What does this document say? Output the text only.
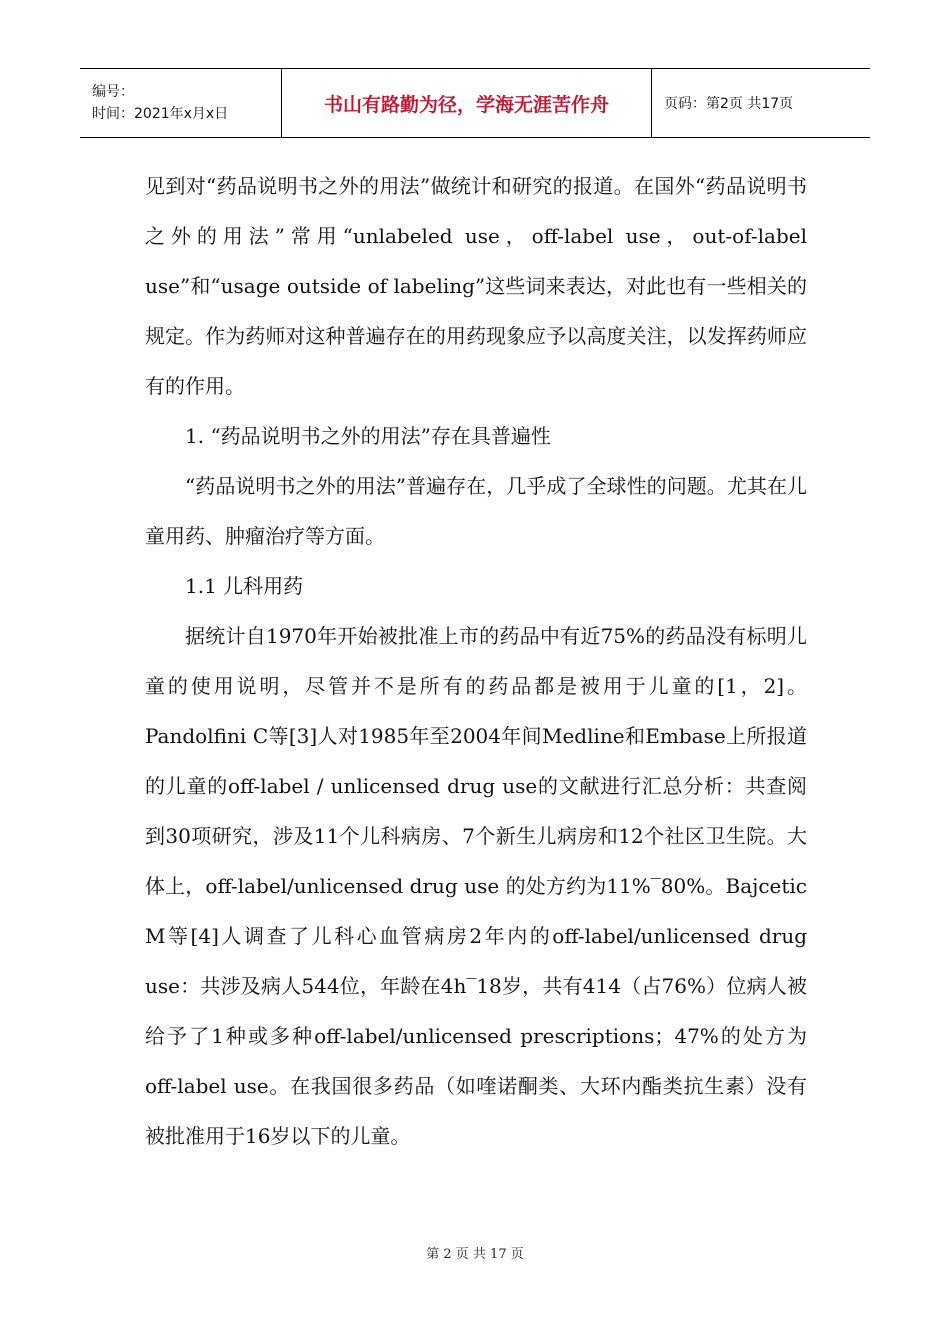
编号：
时间：2021年x月x日	书山有路勤为径，学海无涯苦作舟	页码：第2页 共17页

见到对“药品说明书之外的用法”做统计和研究的报道。在国外“药品说明书之外的用法”常用“unlabeled use，off-label use，out-of-label use”和“usage outside of labeling”这些词来表达，对此也有一些相关的规定。作为药师对这种普遍存在的用药现象应予以高度关注，以发挥药师应有的作用。

1. “药品说明书之外的用法”存在具普遍性

“药品说明书之外的用法”普遍存在，几乎成了全球性的问题。尤其在儿童用药、肿瘤治疗等方面。

1.1 儿科用药

据统计自1970年开始被批准上市的药品中有近75%的药品没有标明儿童的使用说明，尽管并不是所有的药品都是被用于儿童的[1，2]。Pandolfini C等[3]人对1985年至2004年间Medline和Embase上所报道的儿童的off-label / unlicensed drug use的文献进行汇总分析：共查阅到30项研究，涉及11个儿科病房、7个新生儿病房和12个社区卫生院。大体上，off-label/unlicensed drug use 的处方约为11%‾80%。Bajcetic M等[4]人调查了儿科心血管病房2年内的off-label/unlicensed drug use：共涉及病人544位，年龄在4h‾18岁，共有414（占76%）位病人被给予了1种或多种off-label/unlicensed prescriptions；47%的处方为off-label use。在我国很多药品（如喹诺酮类、大环内酯类抗生素）没有被批准用于16岁以下的儿童。

第 2 页 共 17 页
